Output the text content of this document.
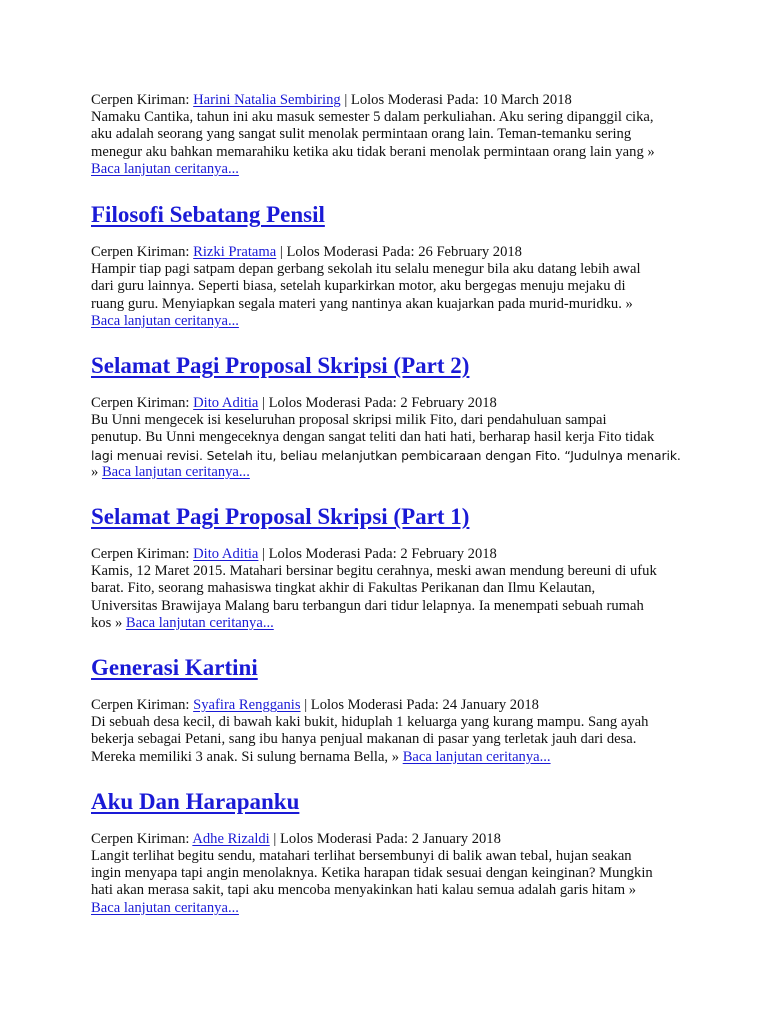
Cerpen Kiriman: Harini Natalia Sembiring | Lolos Moderasi Pada: 10 March 2018
Namaku Cantika, tahun ini aku masuk semester 5 dalam perkuliahan. Aku sering dipanggil cika,
aku adalah seorang yang sangat sulit menolak permintaan orang lain. Teman-temanku sering
menegur aku bahkan memarahiku ketika aku tidak berani menolak permintaan orang lain yang »
Baca lanjutan ceritanya...
Filosofi Sebatang Pensil
Cerpen Kiriman: Rizki Pratama | Lolos Moderasi Pada: 26 February 2018
Hampir tiap pagi satpam depan gerbang sekolah itu selalu menegur bila aku datang lebih awal
dari guru lainnya. Seperti biasa, setelah kuparkirkan motor, aku bergegas menuju mejaku di
ruang guru. Menyiapkan segala materi yang nantinya akan kuajarkan pada murid-muridku. »
Baca lanjutan ceritanya...
Selamat Pagi Proposal Skripsi (Part 2)
Cerpen Kiriman: Dito Aditia | Lolos Moderasi Pada: 2 February 2018
Bu Unni mengecek isi keseluruhan proposal skripsi milik Fito, dari pendahuluan sampai
penutup. Bu Unni mengeceknya dengan sangat teliti dan hati hati, berharap hasil kerja Fito tidak
lagi menuai revisi. Setelah itu, beliau melanjutkan pembicaraan dengan Fito. “Judulnya menarik.
» Baca lanjutan ceritanya...
Selamat Pagi Proposal Skripsi (Part 1)
Cerpen Kiriman: Dito Aditia | Lolos Moderasi Pada: 2 February 2018
Kamis, 12 Maret 2015. Matahari bersinar begitu cerahnya, meski awan mendung bereuni di ufuk
barat. Fito, seorang mahasiswa tingkat akhir di Fakultas Perikanan dan Ilmu Kelautan,
Universitas Brawijaya Malang baru terbangun dari tidur lelapnya. Ia menempati sebuah rumah
kos » Baca lanjutan ceritanya...
Generasi Kartini
Cerpen Kiriman: Syafira Rengganis | Lolos Moderasi Pada: 24 January 2018
Di sebuah desa kecil, di bawah kaki bukit, hiduplah 1 keluarga yang kurang mampu. Sang ayah
bekerja sebagai Petani, sang ibu hanya penjual makanan di pasar yang terletak jauh dari desa.
Mereka memiliki 3 anak. Si sulung bernama Bella, » Baca lanjutan ceritanya...
Aku Dan Harapanku
Cerpen Kiriman: Adhe Rizaldi | Lolos Moderasi Pada: 2 January 2018
Langit terlihat begitu sendu, matahari terlihat bersembunyi di balik awan tebal, hujan seakan
ingin menyapa tapi angin menolaknya. Ketika harapan tidak sesuai dengan keinginan? Mungkin
hati akan merasa sakit, tapi aku mencoba menyakinkan hati kalau semua adalah garis hitam »
Baca lanjutan ceritanya...
